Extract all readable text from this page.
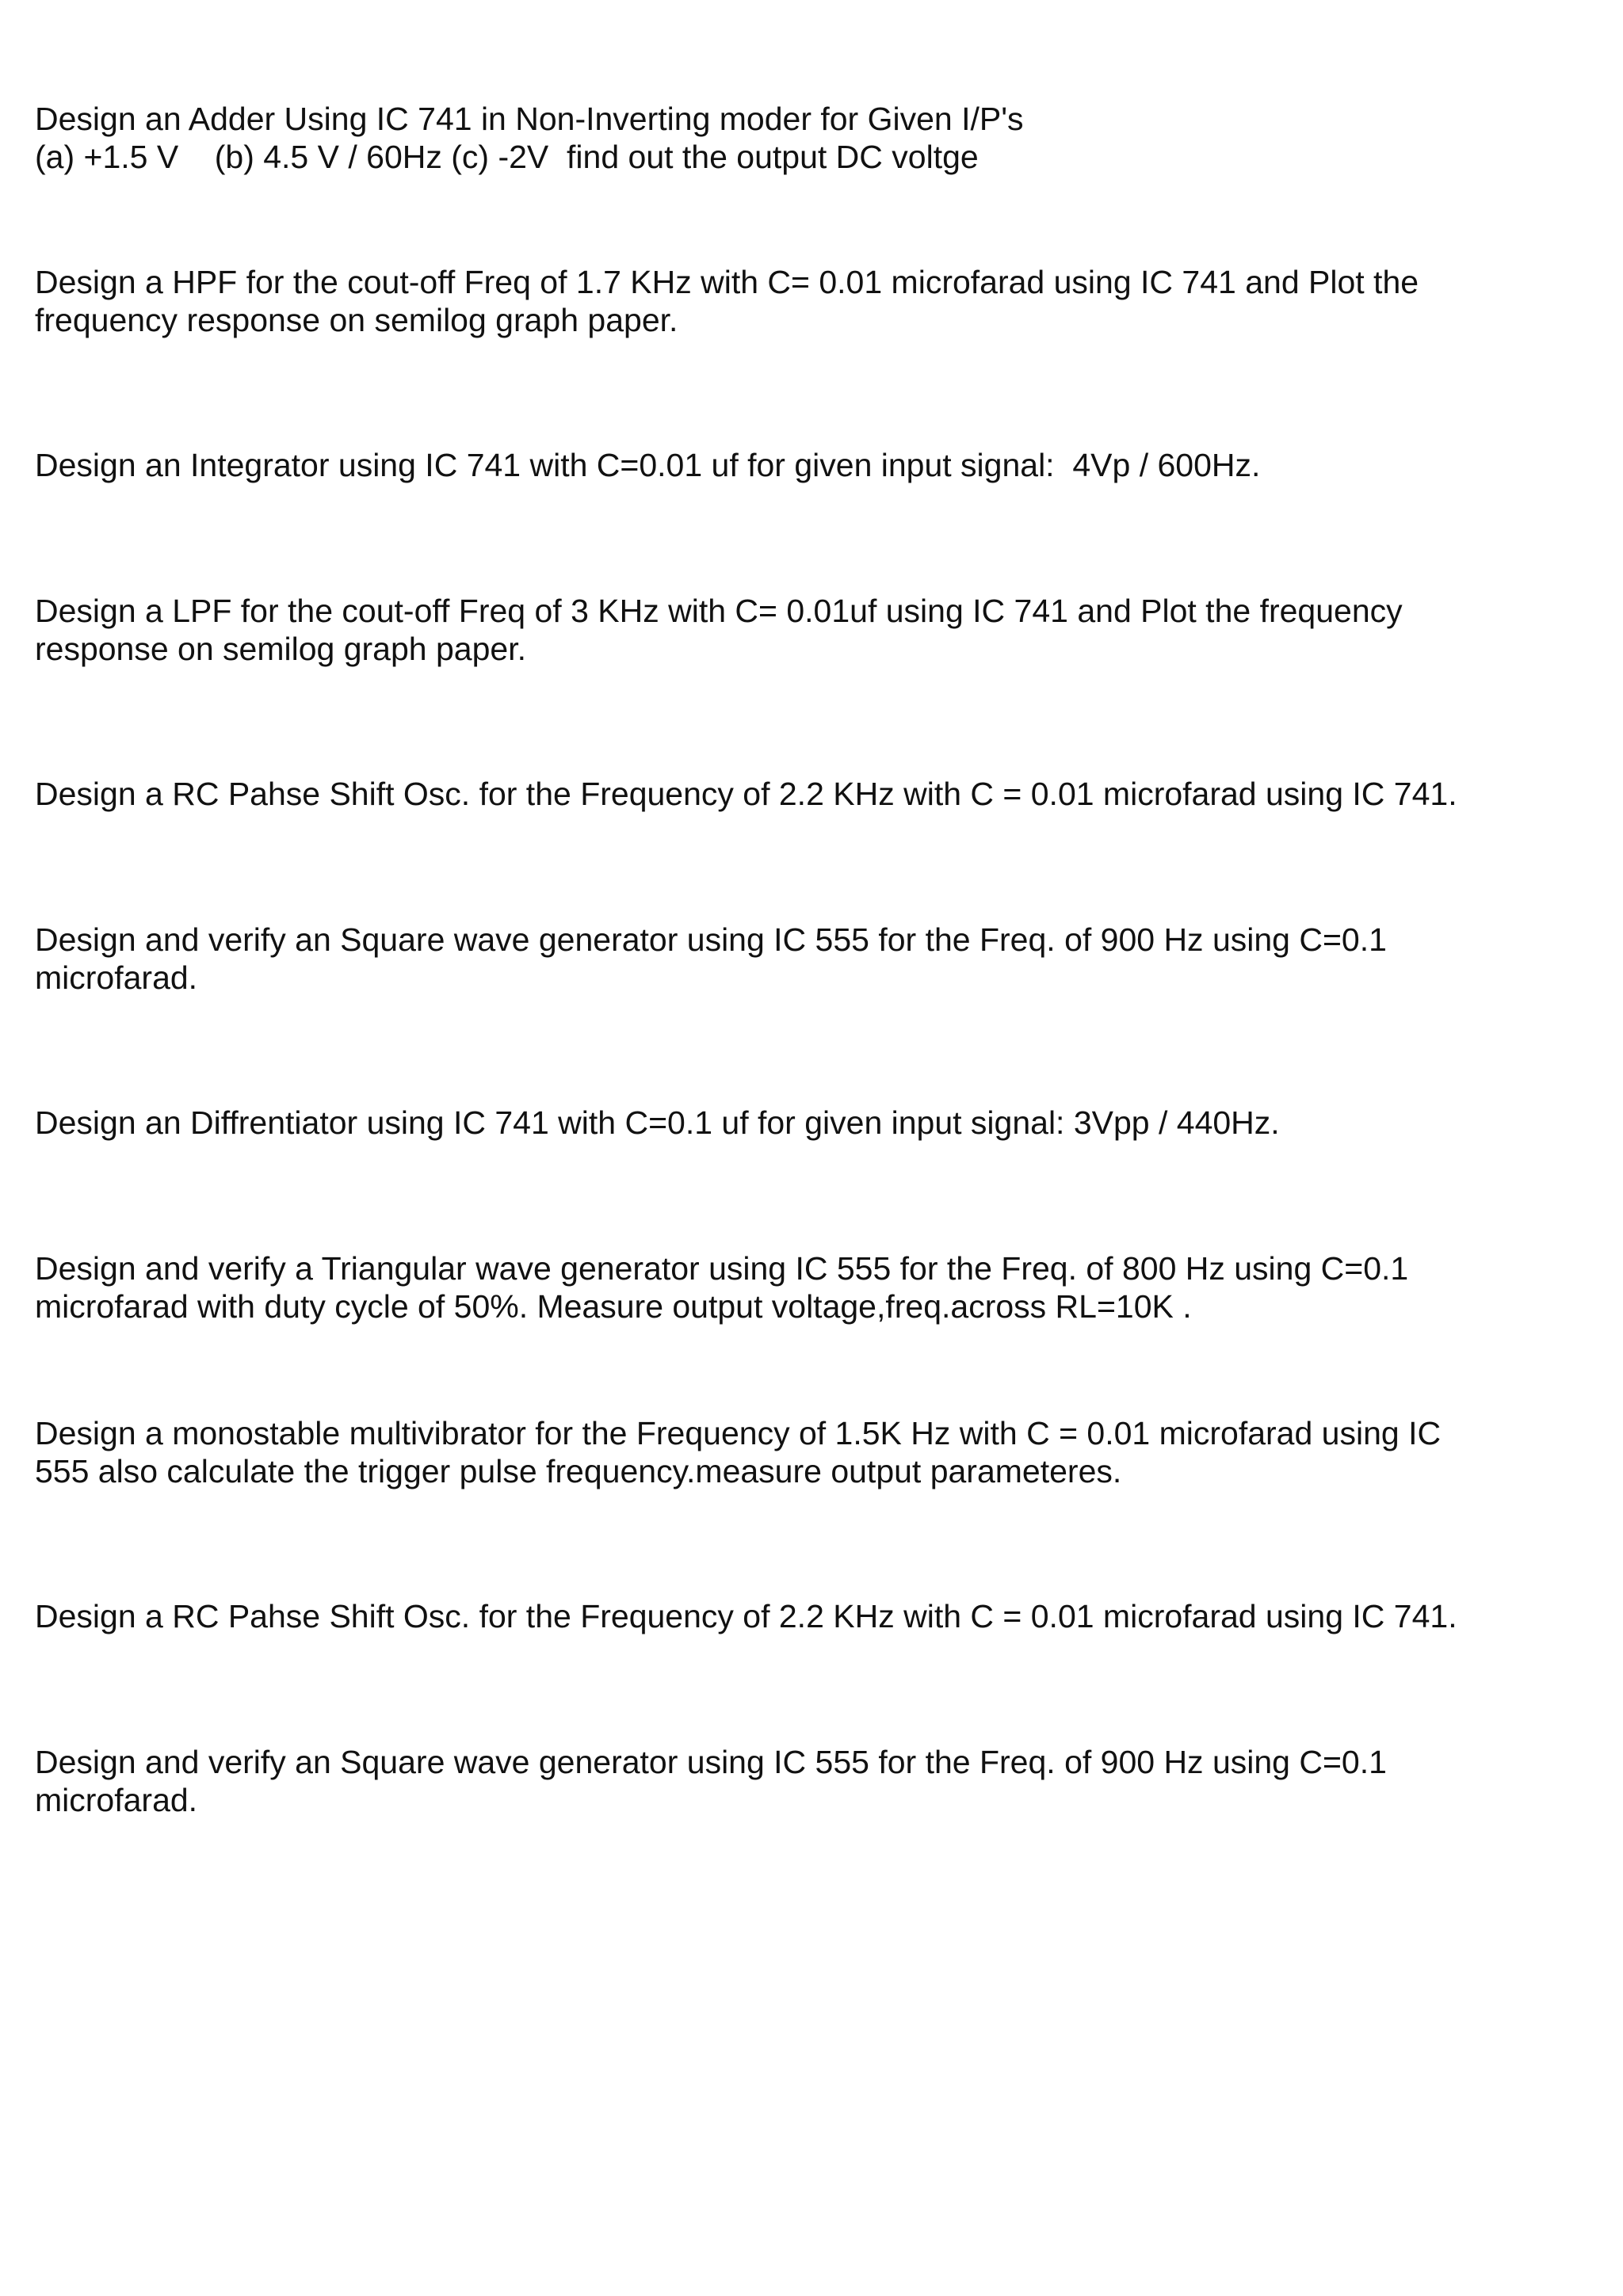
Design an Adder Using IC 741 in Non-Inverting moder for Given I/P's
(a) +1.5 V    (b) 4.5 V / 60Hz (c) -2V  find out the output DC voltge
Design a HPF for the cout-off Freq of 1.7 KHz with C= 0.01 microfarad using IC 741 and Plot the
frequency response on semilog graph paper.
Design an Integrator using IC 741 with C=0.01 uf for given input signal:  4Vp / 600Hz.
Design a LPF for the cout-off Freq of 3 KHz with C= 0.01uf using IC 741 and Plot the frequency
response on semilog graph paper.
Design a RC Pahse Shift Osc. for the Frequency of 2.2 KHz with C = 0.01 microfarad using IC 741.
Design and verify an Square wave generator using IC 555 for the Freq. of 900 Hz using C=0.1
microfarad.
Design an Diffrentiator using IC 741 with C=0.1 uf for given input signal: 3Vpp / 440Hz.
Design and verify a Triangular wave generator using IC 555 for the Freq. of 800 Hz using C=0.1
microfarad with duty cycle of 50%. Measure output voltage,freq.across RL=10K .
Design a monostable multivibrator for the Frequency of 1.5K Hz with C = 0.01 microfarad using IC
555 also calculate the trigger pulse frequency.measure output parameteres.
Design a RC Pahse Shift Osc. for the Frequency of 2.2 KHz with C = 0.01 microfarad using IC 741.
Design and verify an Square wave generator using IC 555 for the Freq. of 900 Hz using C=0.1
microfarad.
